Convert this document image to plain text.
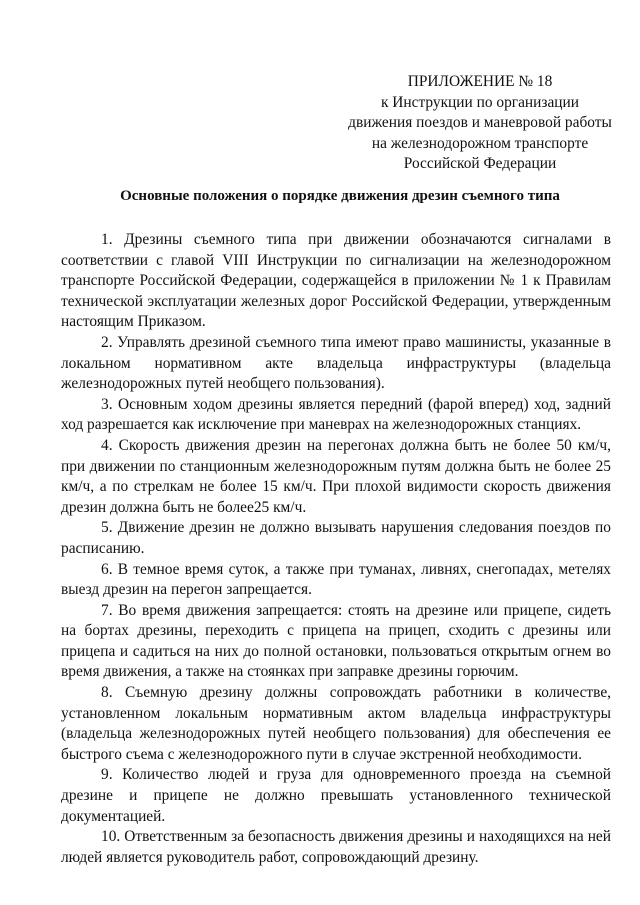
ПРИЛОЖЕНИЕ № 18
к Инструкции по организации
движения поездов и маневровой работы
на железнодорожном транспорте
Российской Федерации
Основные положения о порядке движения дрезин съемного типа

1. Дрезины съемного типа при движении обозначаются сигналами в соответствии с главой VIII Инструкции по сигнализации на железнодорожном транспорте Российской Федерации, содержащейся в приложении № 1 к Правилам технической эксплуатации железных дорог Российской Федерации, утвержденным настоящим Приказом.

2. Управлять дрезиной съемного типа имеют право машинисты, указанные в локальном нормативном акте владельца инфраструктуры (владельца железнодорожных путей необщего пользования).

3. Основным ходом дрезины является передний (фарой вперед) ход, задний ход разрешается как исключение при маневрах на железнодорожных станциях.

4. Скорость движения дрезин на перегонах должна быть не более 50 км/ч, при движении по станционным железнодорожным путям должна быть не более 25 км/ч, а по стрелкам не более 15 км/ч. При плохой видимости скорость движения дрезин должна быть не более25 км/ч.

5. Движение дрезин не должно вызывать нарушения следования поездов по расписанию.

6. В темное время суток, а также при туманах, ливнях, снегопадах, метелях выезд дрезин на перегон запрещается.

7. Во время движения запрещается: стоять на дрезине или прицепе, сидеть на бортах дрезины, переходить с прицепа на прицеп, сходить с дрезины или прицепа и садиться на них до полной остановки, пользоваться открытым огнем во время движения, а также на стоянках при заправке дрезины горючим.

8. Съемную дрезину должны сопровождать работники в количестве, установленном локальным нормативным актом владельца инфраструктуры (владельца железнодорожных путей необщего пользования) для обеспечения ее быстрого съема с железнодорожного пути в случае экстренной необходимости.

9. Количество людей и груза для одновременного проезда на съемной дрезине и прицепе не должно превышать установленного технической документацией.

10. Ответственным за безопасность движения дрезины и находящихся на ней людей является руководитель работ, сопровождающий дрезину.
